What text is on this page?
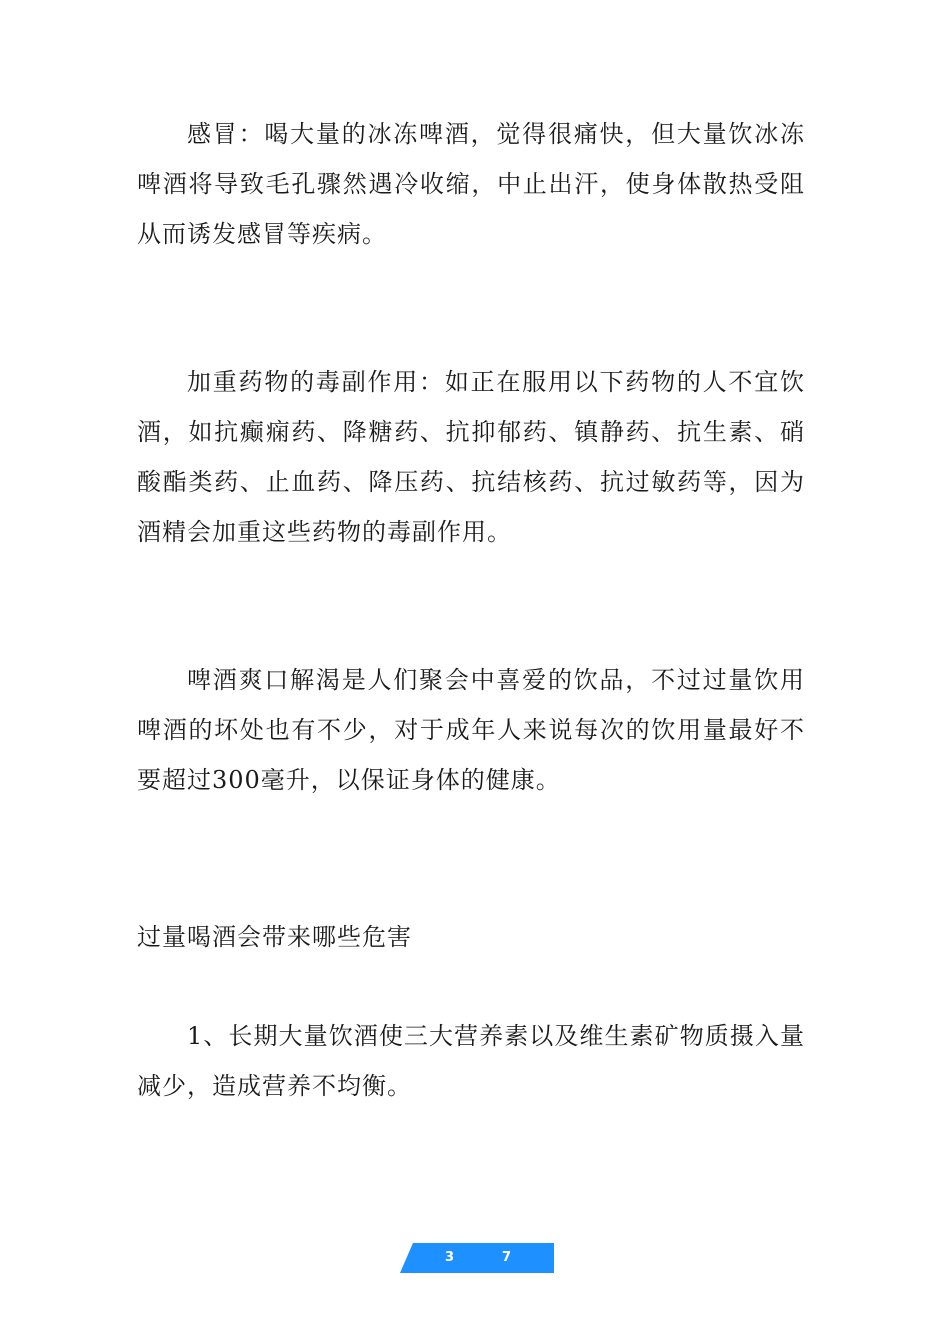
感冒：喝大量的冰冻啤酒，觉得很痛快，但大量饮冰冻啤酒将导致毛孔骤然遇冷收缩，中止出汗，使身体散热受阻从而诱发感冒等疾病。

加重药物的毒副作用：如正在服用以下药物的人不宜饮酒，如抗癫痫药、降糖药、抗抑郁药、镇静药、抗生素、硝酸酯类药、止血药、降压药、抗结核药、抗过敏药等，因为酒精会加重这些药物的毒副作用。

啤酒爽口解渴是人们聚会中喜爱的饮品，不过过量饮用啤酒的坏处也有不少，对于成年人来说每次的饮用量最好不要超过300毫升，以保证身体的健康。

过量喝酒会带来哪些危害

1、长期大量饮酒使三大营养素以及维生素矿物质摄入量减少，造成营养不均衡。

3	7
